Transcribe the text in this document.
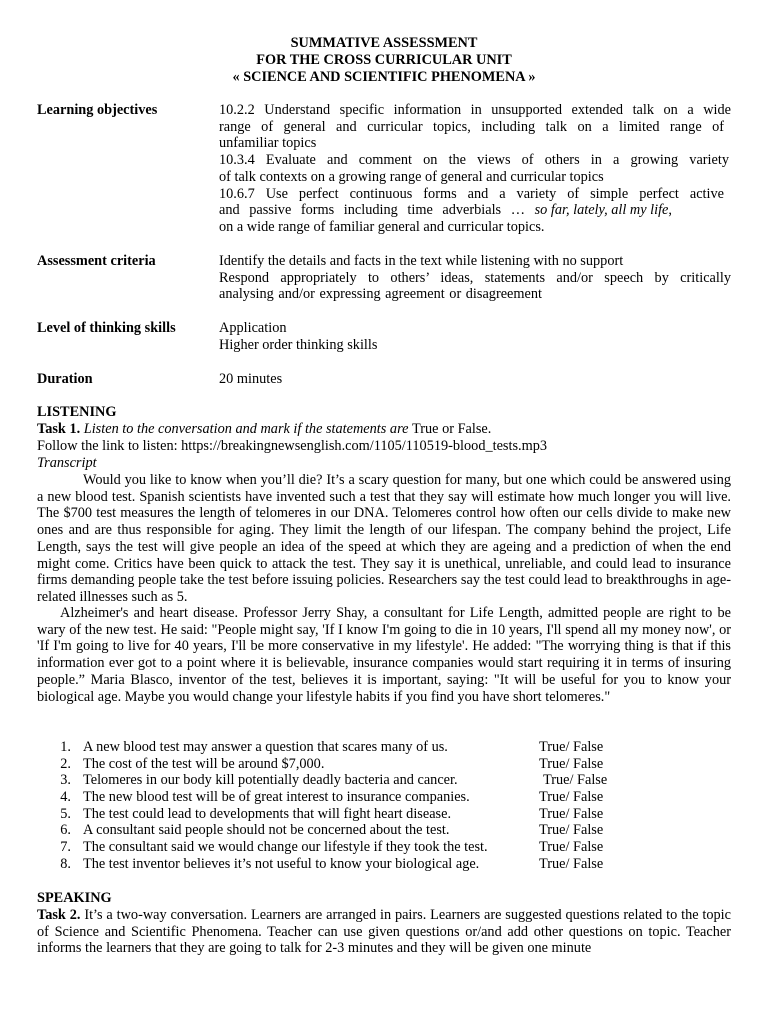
SUMMATIVE ASSESSMENT
FOR THE CROSS CURRICULAR UNIT
« SCIENCE AND SCIENTIFIC PHENOMENA »
Learning objectives	10.2.2 Understand specific information in unsupported extended talk on a wide
range of general and curricular topics, including talk on a limited range of
unfamiliar topics
10.3.4 Evaluate and comment on the views of others in a growing variety
of talk contexts on a growing range of general and curricular topics
10.6.7 Use perfect continuous forms and a variety of simple perfect active
and passive forms including time adverbials … so far, lately, all my life,
on a wide range of familiar general and curricular topics.
Assessment criteria	Identify the details and facts in the text while listening with no support
Respond appropriately to others’ ideas, statements and/or speech by critically
analysing and/or expressing agreement or disagreement
Level of thinking skills	Application
Higher order thinking skills
Duration	20 minutes
LISTENING
Task 1. Listen to the conversation and mark if the statements are True or False.
Follow the link to listen: https://breakingnewsenglish.com/1105/110519-blood_tests.mp3
Transcript

Would you like to know when you’ll die? It’s a scary question for many, but one which could be answered using a new blood test. Spanish scientists have invented such a test that they say will estimate how much longer you will live. The $700 test measures the length of telomeres in our DNA. Telomeres control how often our cells divide to make new ones and are thus responsible for aging. They limit the length of our lifespan. The company behind the project, Life Length, says the test will give people an idea of the speed at which they are ageing and a prediction of when the end might come. Critics have been quick to attack the test. They say it is unethical, unreliable, and could lead to insurance firms demanding people take the test before issuing policies. Researchers say the test could lead to breakthroughs in age-related illnesses such as 5.

Alzheimer's and heart disease. Professor Jerry Shay, a consultant for Life Length, admitted people are right to be wary of the new test. He said: "People might say, 'If I know I'm going to die in 10 years, I'll spend all my money now', or 'If I'm going to live for 40 years, I'll be more conservative in my lifestyle'. He added: "The worrying thing is that if this information ever got to a point where it is believable, insurance companies would start requiring it in terms of insuring people.” Maria Blasco, inventor of the test, believes it is important, saying: "It will be useful for you to know your biological age. Maybe you would change your lifestyle habits if you find you have short telomeres."

1. A new blood test may answer a question that scares many of us.	True/ False
2. The cost of the test will be around $7,000.	True/ False
3. Telomeres in our body kill potentially deadly bacteria and cancer.	True/ False
4. The new blood test will be of great interest to insurance companies.	True/ False
5. The test could lead to developments that will fight heart disease.	True/ False
6. A consultant said people should not be concerned about the test.	True/ False
7. The consultant said we would change our lifestyle if they took the test.	True/ False
8. The test inventor believes it’s not useful to know your biological age.	True/ False
SPEAKING

Task 2. It’s a two-way conversation. Learners are arranged in pairs. Learners are suggested questions related to the topic of Science and Scientific Phenomena. Teacher can use given questions or/and add other questions on topic. Teacher informs the learners that they are going to talk for 2-3 minutes and they will be given one minute
